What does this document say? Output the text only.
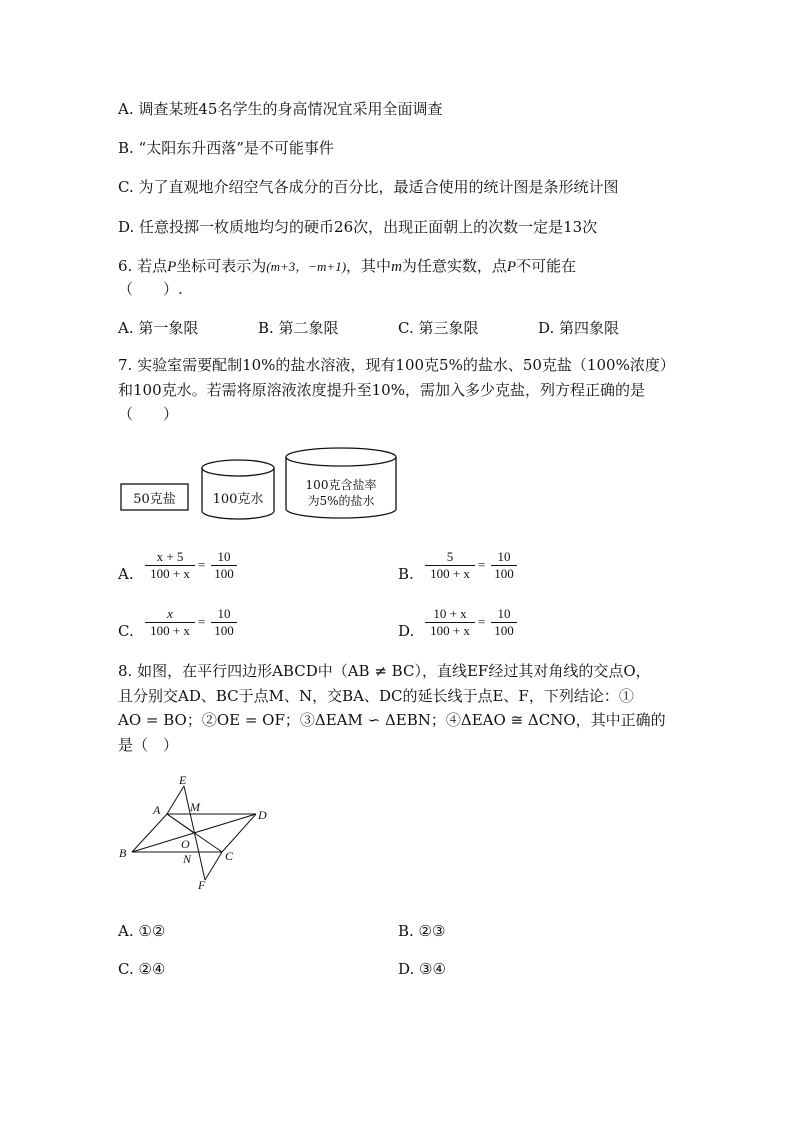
A. 调查某班45名学生的身高情况宜采用全面调查
B. “太阳东升西落”是不可能事件
C. 为了直观地介绍空气各成分的百分比，最适合使用的统计图是条形统计图
D. 任意投掷一枚质地均匀的硬币26次，出现正面朝上的次数一定是13次
6. 若点P坐标可表示为(m+3，−m+1)，其中m为任意实数，点P不可能在
（　　）.
A. 第一象限	B. 第二象限	C. 第三象限	D. 第四象限
7. 实验室需要配制10%的盐水溶液，现有100克5%的盐水、50克盐（100%浓度）
和100克水。若需将原溶液浓度提升至10%，需加入多少克盐，列方程正确的是
（　　）
50克盐	100克水
100克含盐率
为5%的盐水
A.
x + 5
100 + x
=
10
100	B.
5
100 + x
=
10
100
C.
x
100 + x
=
10
100	D.
10 + x
100 + x
=
10
100
8. 如图，在平行四边形ABCD中（AB ≠ BC），直线EF经过其对角线的交点O，
且分别交AD、BC于点M、N，交BA、DC的延长线于点E、F，下列结论：①
AO = BO；②OE = OF；③ΔEAM ∽ ΔEBN；④ΔEAO ≅ ΔCNO，其中正确的
是（　）
E
M
A	D
O
B	N	C
F
A. ①②	B. ②③
C. ②④	D. ③④
